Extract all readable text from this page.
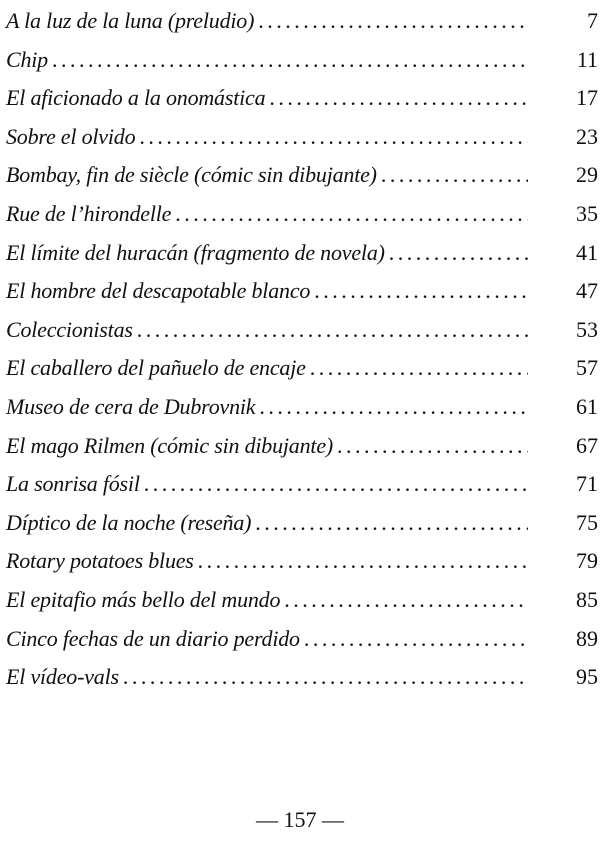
A la luz de la luna (preludio) . . .	7
Chip . . .	11
El aficionado a la onomástica . . .	17
Sobre el olvido . . .	23
Bombay, fin de siècle (cómic sin dibujante) . . .	29
Rue de l’hirondelle . . .	35
El límite del huracán (fragmento de novela) . . .	41
El hombre del descapotable blanco . . .	47
Coleccionistas . . .	53
El caballero del pañuelo de encaje . . .	57
Museo de cera de Dubrovnik . . .	61
El mago Rilmen (cómic sin dibujante) . . .	67
La sonrisa fósil . . .	71
Díptico de la noche (reseña) . . .	75
Rotary potatoes blues . . .	79
El epitafio más bello del mundo . . .	85
Cinco fechas de un diario perdido . . .	89
El vídeo-vals . . .	95
— 157 —
